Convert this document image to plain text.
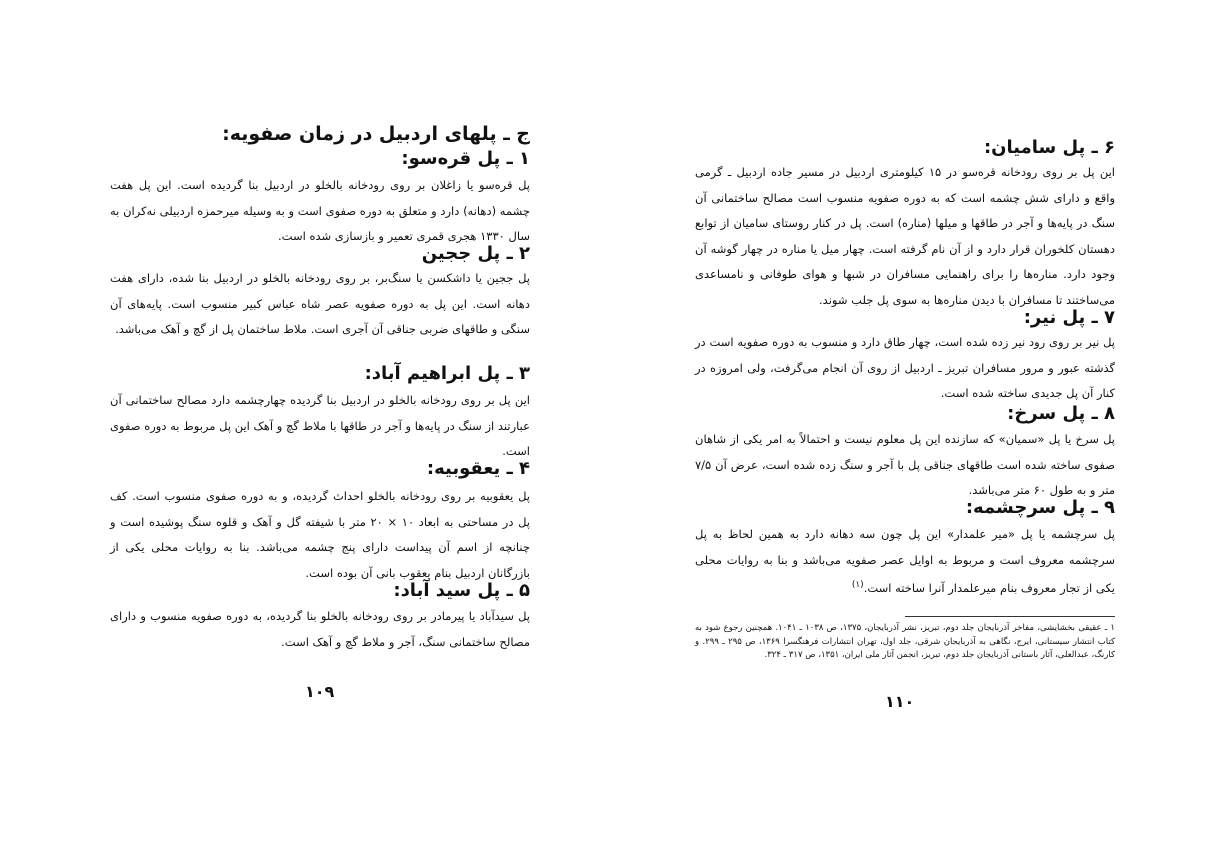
ج ـ پلهای اردبیل در زمان صفویه:
۱ ـ پل قره‌سو:

پل قره‌سو یا زاغلان بر روی رودخانه بالخلو در اردبیل بنا گردیده است. این پل هفت چشمه (دهانه) دارد و متعلق به دوره صفوی است و به وسیله میرحمزه اردبیلی نه‌کران به سال ۱۳۳۰ هجری قمری تعمیر و بازسازی شده است.

۲ ـ پل ججین

پل ججین یا داشکسن یا سنگ‌بر، بر روی رودخانه بالخلو در اردبیل بنا شده، دارای هفت دهانه است. این پل به دوره صفویه عصر شاه عباس کبیر منسوب است. پایه‌های آن سنگی و طاقهای ضربی جناقی آن آجری است. ملاط ساختمان پل از گچ و آهک می‌باشد.

۳ ـ پل ابراهیم آباد:

این پل بر روی رودخانه بالخلو در اردبیل بنا گردیده چهارچشمه دارد مصالح ساختمانی آن عبارتند از سنگ در پایه‌ها و آجر در طاقها با ملاط گچ و آهک این پل مربوط به دوره صفوی است.

۴ ـ یعقوبیه:

پل یعقوبیه بر روی رودخانه بالخلو احداث گردیده، و به دوره صفوی منسوب است. کف پل در مساحتی به ابعاد ۱۰ × ۲۰ متر با شیفته گل و آهک و قلوه سنگ پوشیده است و چنانچه از اسم آن پیداست دارای پنج چشمه می‌باشد. بنا به روایات محلی یکی از بازرگانان اردبیل بنام یعقوب بانی آن بوده است.

۵ ـ پل سید آباد:

پل سیدآباد یا پیرمادر بر روی رودخانه بالخلو بنا گردیده، به دوره صفویه منسوب و دارای مصالح ساختمانی سنگ، آجر و ملاط گچ و آهک است.

۱۰۹
۶ ـ پل سامیان:

این پل بر روی رودخانه قره‌سو در ۱۵ کیلومتری اردبیل در مسیر جاده اردبیل ـ گرمی واقع و دارای شش چشمه است که به دوره صفویه منسوب است مصالح ساختمانی آن سنگ در پایه‌ها و آجر در طاقها و میلها (مناره) است. پل در کنار روستای سامیان از توابع دهستان کلخوران قرار دارد و از آن نام گرفته است. چهار میل یا مناره در چهار گوشه آن وجود دارد. مناره‌ها را برای راهنمایی مسافران در شبها و هوای طوفانی و نامساعدی می‌ساختند تا مسافران با دیدن مناره‌ها به سوی پل جلب شوند.

۷ ـ پل نیر:

پل نیر بر روی رود نیر زده شده است، چهار طاق دارد و منسوب به دوره صفویه است در گذشته عبور و مرور مسافران تبریز ـ اردبیل از روی آن انجام می‌گرفت، ولی امروزه در کنار آن پل جدیدی ساخته شده است.

۸ ـ پل سرخ:

پل سرخ یا پل «سمیان» که سازنده این پل معلوم نیست و احتمالاً به امر یکی از شاهان صفوی ساخته شده است طاقهای جناقی پل با آجر و سنگ زده شده است، عرض آن ۷/۵ متر و به طول ۶۰ متر می‌باشد.

۹ ـ پل سرچشمه:

پل سرچشمه یا پل «میر علمدار» این پل چون سه دهانه دارد به همین لحاظ به پل سرچشمه معروف است و مربوط به اوایل عصر صفویه می‌باشد و بنا به روایات محلی یکی از تجار معروف بنام میرعلمدار آنرا ساخته است.$^{(۱)}$

۱ ـ عقیقی بخشایشی، مفاخر آذربایجان جلد دوم، تبریز، نشر آذربایجان، ۱۳۷۵، ص ۱۰۳۸ ـ ۱۰۴۱. همچنین رجوع شود به کتاب انتشار سیستانی، ایرج، نگاهی به آذربایجان شرقی، جلد اول، تهران انتشارات فرهنگسرا ۱۳۶۹، ص ۲۹۵ ـ ۲۹۹. و کارنگ، عبدالعلی، آثار باستانی آذربایجان جلد دوم، تبریز، انجمن آثار ملی ایران، ۱۳۵۱، ص ۳۱۷ ـ ۳۲۴.

۱۱۰
